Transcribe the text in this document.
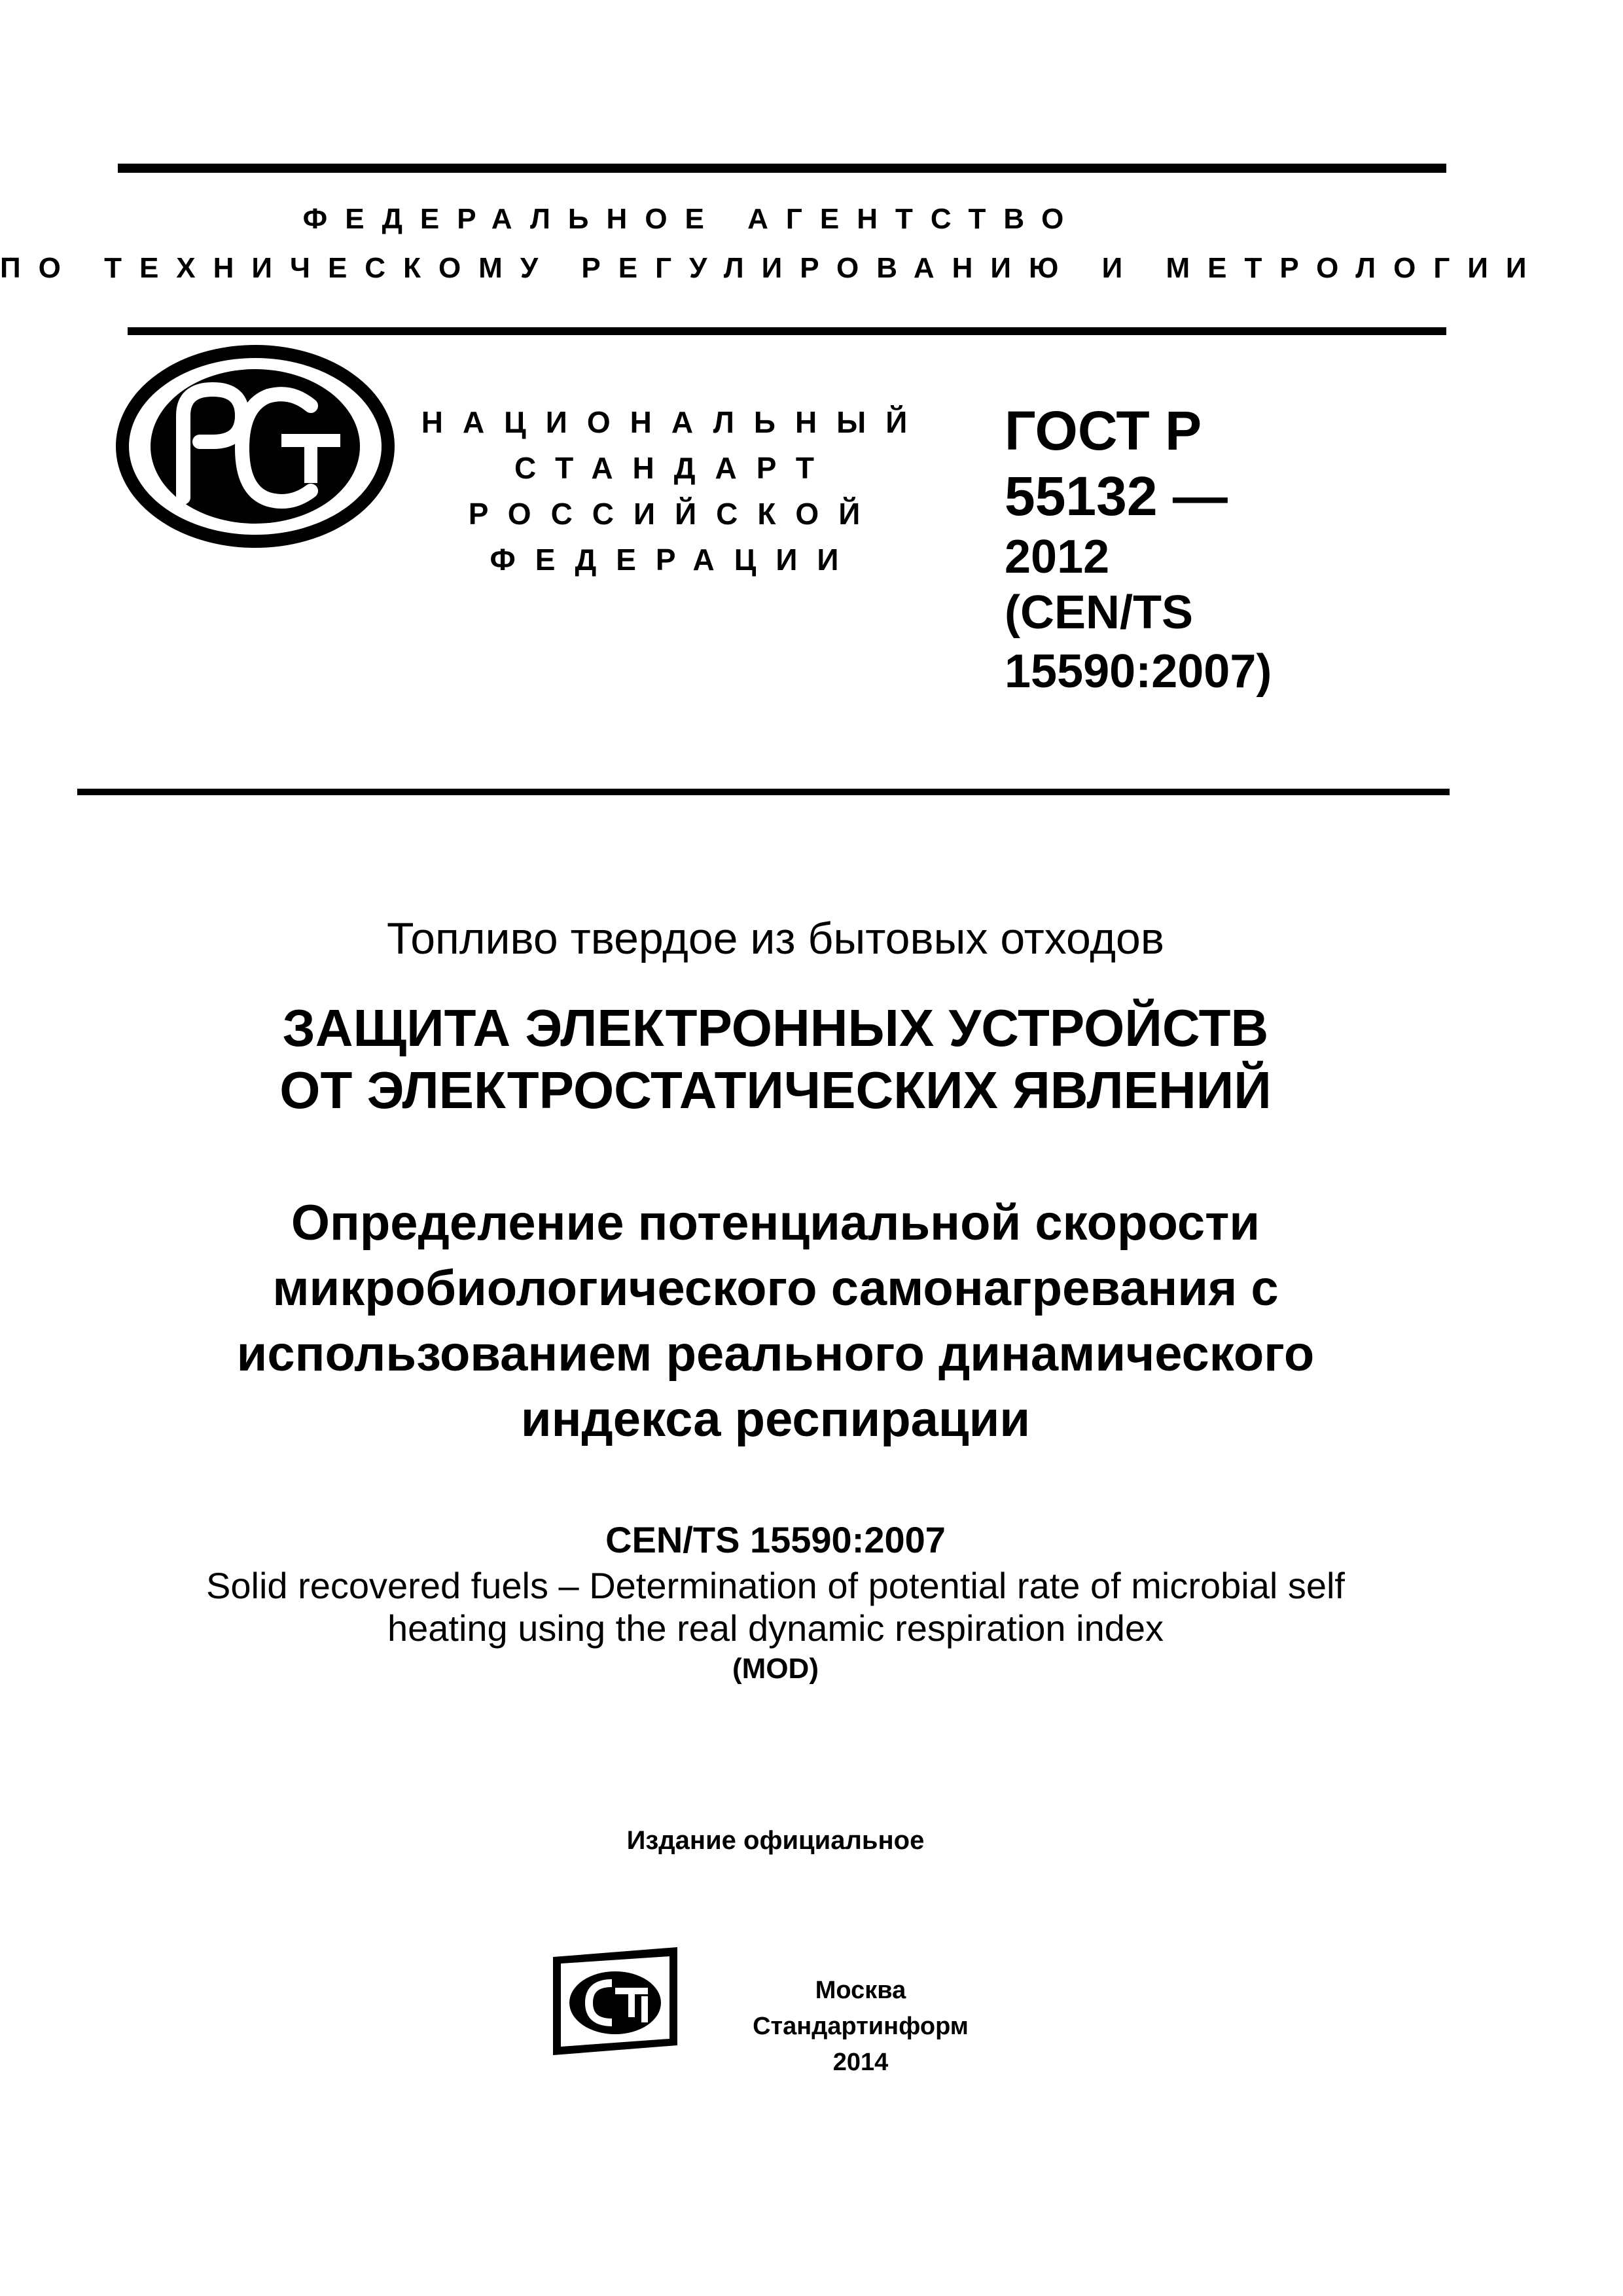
ФЕДЕРАЛЬНОЕ АГЕНТСТВО
ПО ТЕХНИЧЕСКОМУ РЕГУЛИРОВАНИЮ И МЕТРОЛОГИИ
НАЦИОНАЛЬНЫЙ
СТАНДАРТ
РОССИЙСКОЙ
ФЕДЕРАЦИИ
ГОСТ Р
55132 —
2012
(CEN/TS
15590:2007)
Топливо твердое из бытовых отходов
ЗАЩИТА ЭЛЕКТРОННЫХ УСТРОЙСТВ
ОТ ЭЛЕКТРОСТАТИЧЕСКИХ ЯВЛЕНИЙ
Определение потенциальной скорости
микробиологического самонагревания с
использованием реального динамического
индекса респирации
CEN/TS 15590:2007
Solid recovered fuels – Determination of potential rate of microbial self
heating using the real dynamic respiration index
(MOD)
Издание официальное
Москва
Стандартинформ
2014
